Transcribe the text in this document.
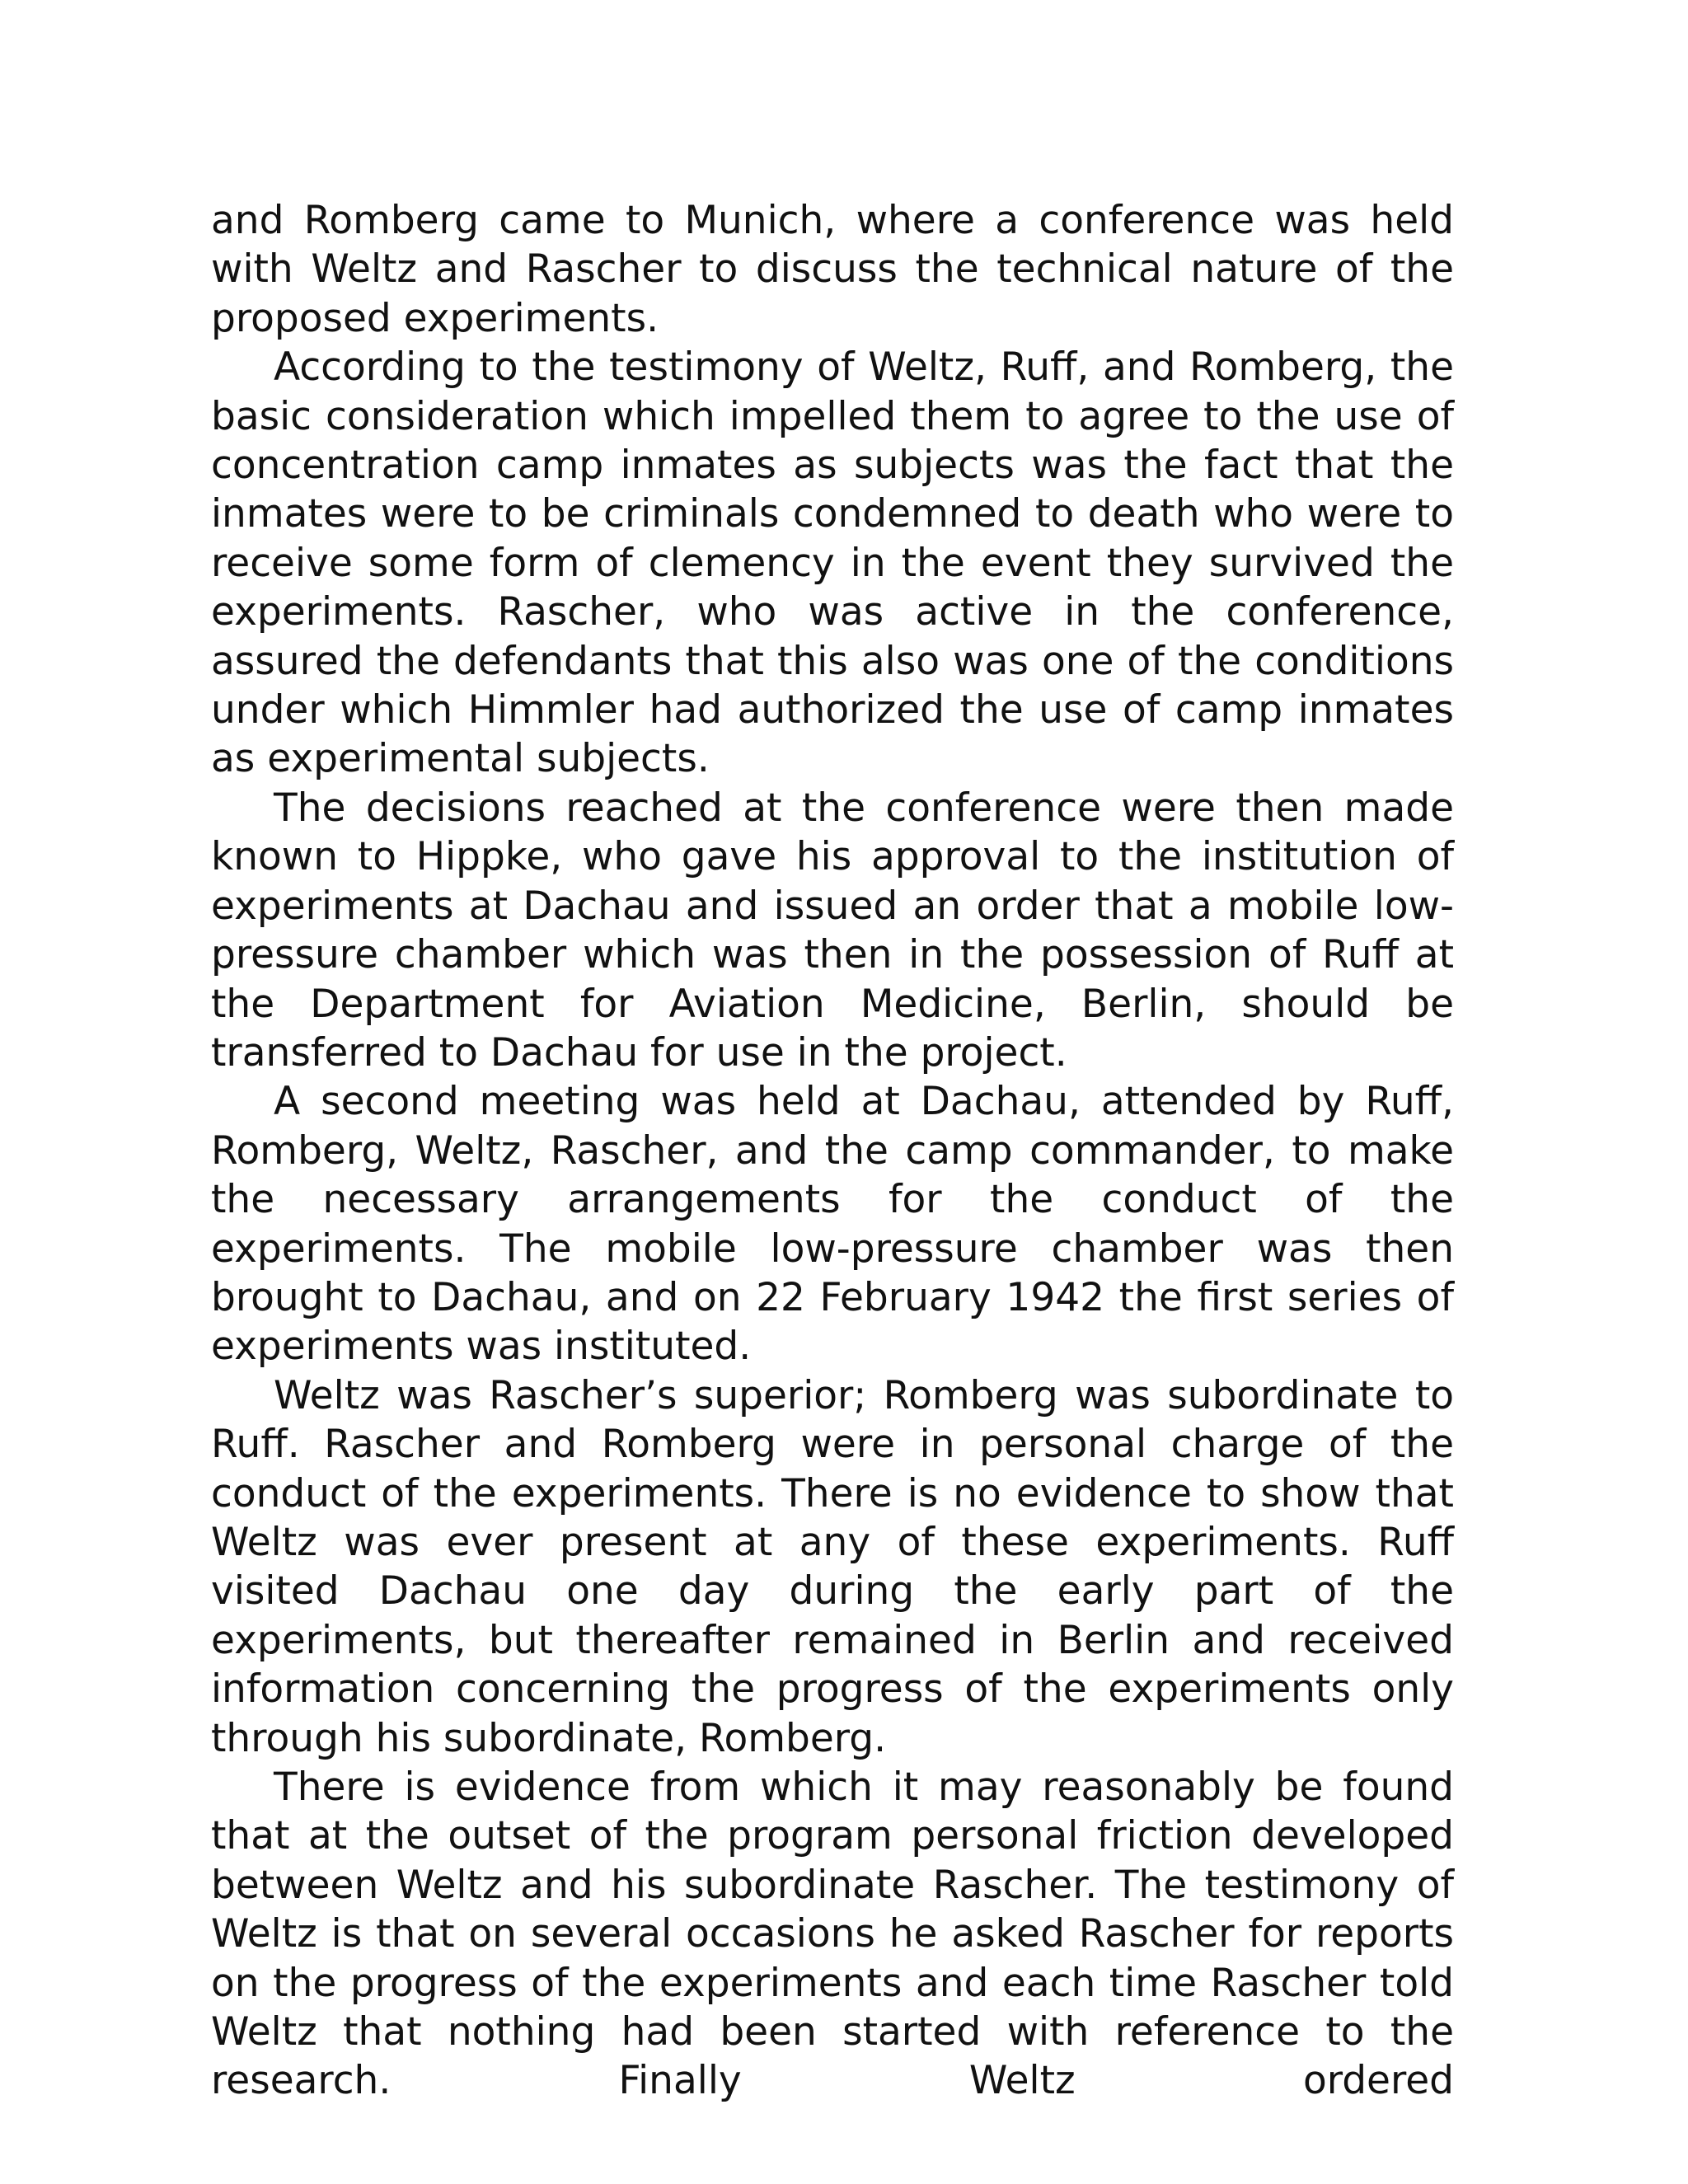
and Romberg came to Munich, where a conference was held with Weltz and Rascher to discuss the technical nature of the proposed experiments.

According to the testimony of Weltz, Ruff, and Romberg, the basic consideration which impelled them to agree to the use of concentration camp inmates as subjects was the fact that the inmates were to be criminals condemned to death who were to receive some form of clemency in the event they survived the experiments. Rascher, who was active in the conference, assured the defendants that this also was one of the conditions under which Himmler had authorized the use of camp inmates as experimental subjects.

The decisions reached at the conference were then made known to Hippke, who gave his approval to the institution of experiments at Dachau and issued an order that a mobile low-pressure chamber which was then in the possession of Ruff at the Department for Aviation Medicine, Berlin, should be transferred to Dachau for use in the project.

A second meeting was held at Dachau, attended by Ruff, Romberg, Weltz, Rascher, and the camp commander, to make the necessary arrangements for the conduct of the experiments. The mobile low-pressure chamber was then brought to Dachau, and on 22 February 1942 the first series of experiments was instituted.

Weltz was Rascher’s superior; Romberg was subordinate to Ruff. Rascher and Romberg were in personal charge of the conduct of the experiments. There is no evidence to show that Weltz was ever present at any of these experiments. Ruff visited Dachau one day during the early part of the experiments, but thereafter remained in Berlin and received information concerning the progress of the experiments only through his subordinate, Romberg.

There is evidence from which it may reasonably be found that at the outset of the program personal friction developed between Weltz and his subordinate Rascher. The testimony of Weltz is that on several occasions he asked Rascher for reports on the progress of the experiments and each time Rascher told Weltz that nothing had been started with reference to the research. Finally Weltz ordered
